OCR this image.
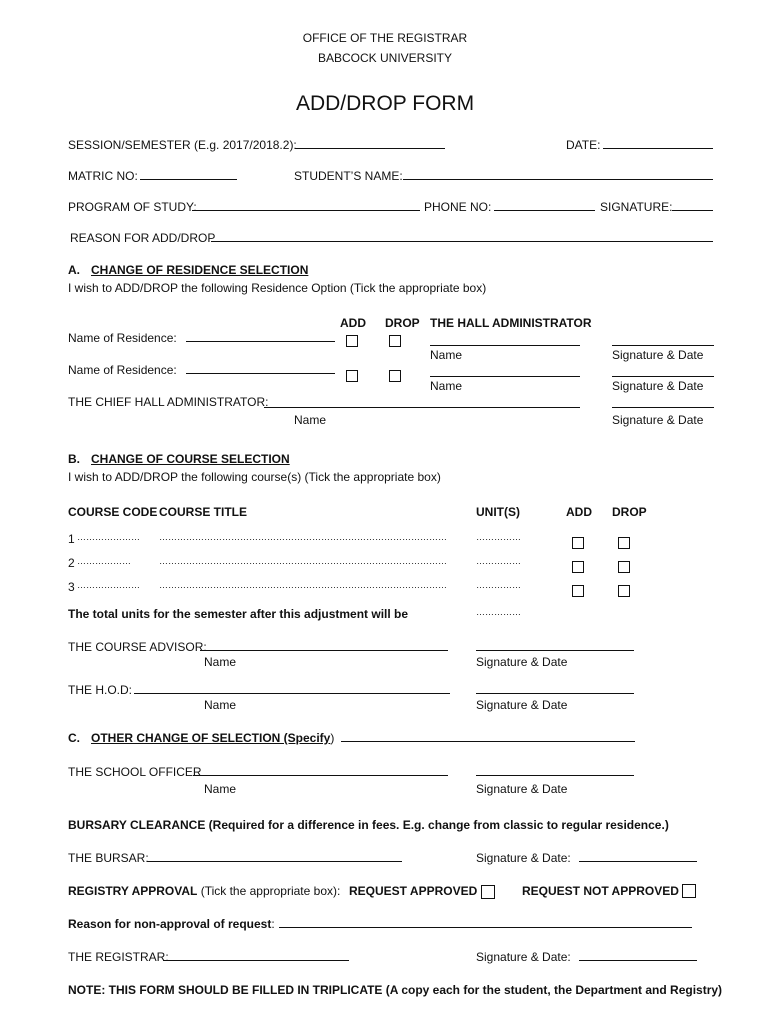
OFFICE OF THE REGISTRAR
BABCOCK UNIVERSITY
ADD/DROP FORM
SESSION/SEMESTER (E.g. 2017/2018.2):	DATE:
MATRIC NO:	STUDENT’S NAME:
PROGRAM OF STUDY:	PHONE NO:	SIGNATURE:
REASON FOR ADD/DROP
A. CHANGE OF RESIDENCE SELECTION
I wish to ADD/DROP the following Residence Option (Tick the appropriate box)
ADD DROP THE HALL ADMINISTRATOR
Name of Residence:
Name	Signature & Date
Name of Residence:
Name	Signature & Date
THE CHIEF HALL ADMINISTRATOR:
Name	Signature & Date
B. CHANGE OF COURSE SELECTION
I wish to ADD/DROP the following course(s) (Tick the appropriate box)
COURSE CODE COURSE TITLE	UNIT(S)	ADD DROP
1 ………………… ……………………………………………………………………………………	……………
2 ………………	……………………………………………………………………………………	……………
3 ………………… ……………………………………………………………………………………	……………
The total units for the semester after this adjustment will be	……………
THE COURSE ADVISOR:
Name	Signature & Date
THE H.O.D:
Name	Signature & Date
C. OTHER CHANGE OF SELECTION (Specify)
THE SCHOOL OFFICER
Name	Signature & Date
BURSARY CLEARANCE (Required for a difference in fees. E.g. change from classic to regular residence.)
THE BURSAR:	Signature & Date:
REGISTRY APPROVAL (Tick the appropriate box): REQUEST APPROVED	REQUEST NOT APPROVED
Reason for non-approval of request:
THE REGISTRAR:	Signature & Date:
NOTE: THIS FORM SHOULD BE FILLED IN TRIPLICATE (A copy each for the student, the Department and Registry)
